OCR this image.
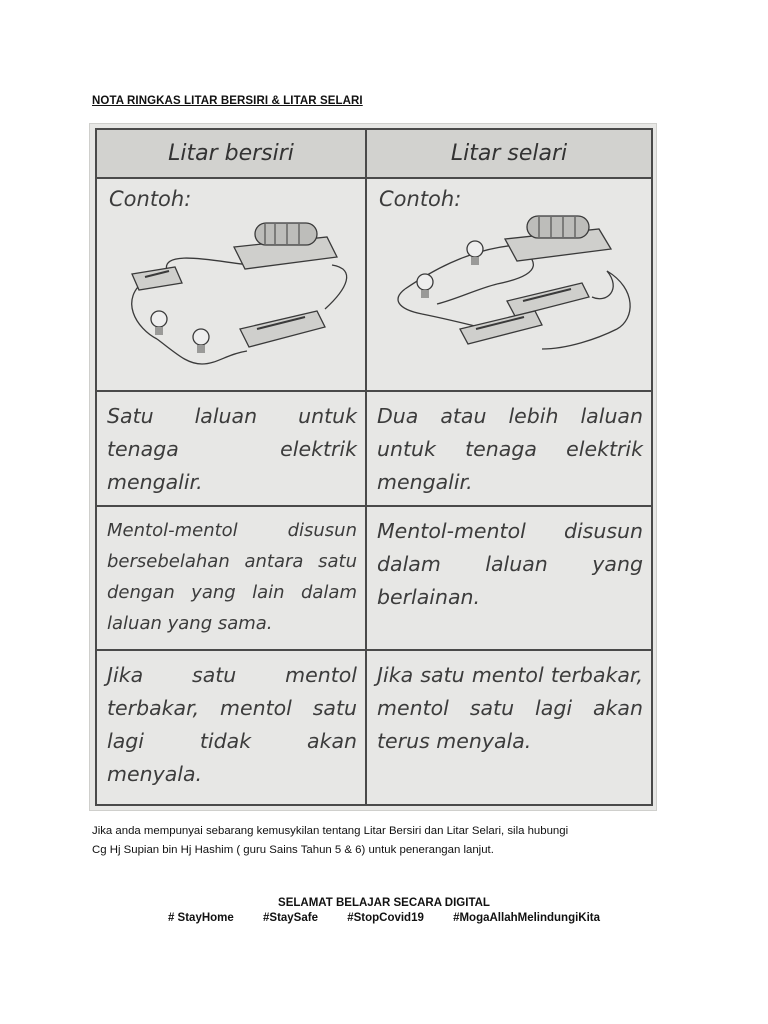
NOTA RINGKAS LITAR BERSIRI & LITAR SELARI
Litar bersiri	Litar selari

Contoh:	Contoh:

Satu laluan untuk tenaga elektrik mengalir.	Dua atau lebih laluan untuk tenaga elektrik mengalir.
Mentol-mentol disusun bersebelahan antara satu dengan yang lain dalam laluan yang sama.	Mentol-mentol disusun dalam laluan yang berlainan.
Jika satu mentol terbakar, mentol satu lagi tidak akan menyala.	Jika satu mentol terbakar, mentol satu lagi akan terus menyala.
Jika anda mempunyai sebarang kemusykilan tentang Litar Bersiri dan Litar Selari, sila hubungi
Cg Hj Supian bin Hj Hashim ( guru Sains Tahun 5 & 6) untuk penerangan lanjut.
SELAMAT BELAJAR SECARA DIGITAL
# StayHome	#StaySafe	#StopCovid19	#MogaAllahMelindungiKita
